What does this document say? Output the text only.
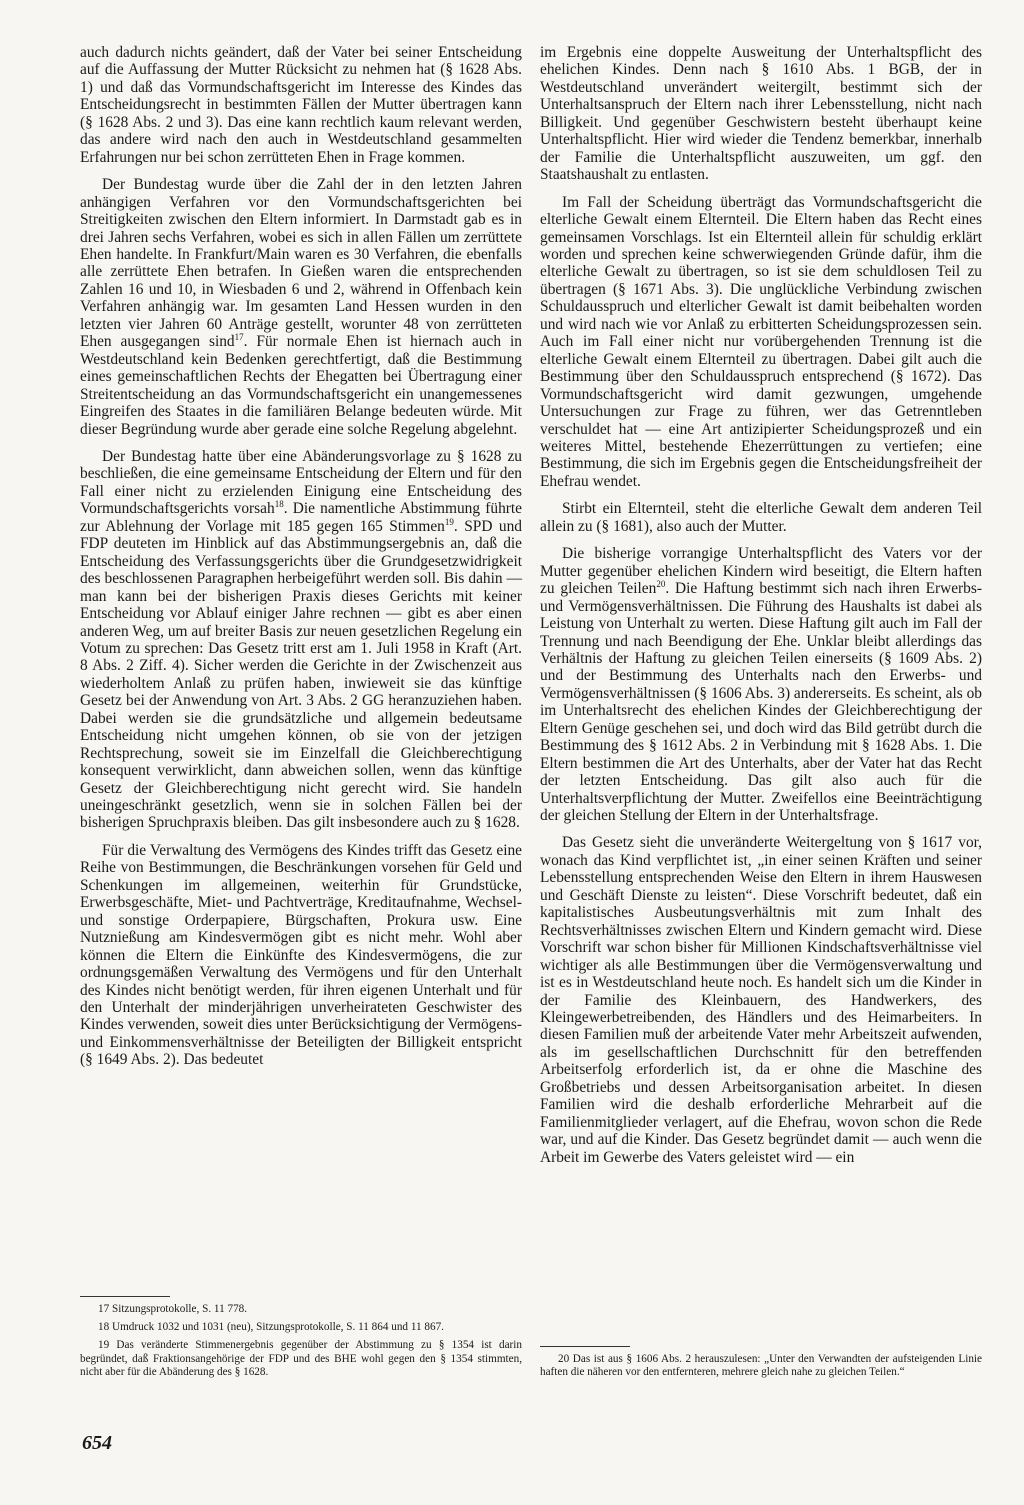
auch dadurch nichts geändert, daß der Vater bei seiner Entscheidung auf die Auffassung der Mutter Rücksicht zu nehmen hat (§ 1628 Abs. 1) und daß das Vormundschaftsgericht im Interesse des Kindes das Entscheidungsrecht in bestimmten Fällen der Mutter übertragen kann (§ 1628 Abs. 2 und 3). Das eine kann rechtlich kaum relevant werden, das andere wird nach den auch in Westdeutschland gesammelten Erfahrungen nur bei schon zerrütteten Ehen in Frage kommen.

Der Bundestag wurde über die Zahl der in den letzten Jahren anhängigen Verfahren vor den Vormundschaftsgerichten bei Streitigkeiten zwischen den Eltern informiert. In Darmstadt gab es in drei Jahren sechs Verfahren, wobei es sich in allen Fällen um zerrüttete Ehen handelte. In Frankfurt/Main waren es 30 Verfahren, die ebenfalls alle zerrüttete Ehen betrafen. In Gießen waren die entsprechenden Zahlen 16 und 10, in Wiesbaden 6 und 2, während in Offenbach kein Verfahren anhängig war. Im gesamten Land Hessen wurden in den letzten vier Jahren 60 Anträge gestellt, worunter 48 von zerrütteten Ehen ausgegangen sind$^{17}$. Für normale Ehen ist hiernach auch in Westdeutschland kein Bedenken gerechtfertigt, daß die Bestimmung eines gemeinschaftlichen Rechts der Ehegatten bei Übertragung einer Streitentscheidung an das Vormundschaftsgericht ein unangemessenes Eingreifen des Staates in die familiären Belange bedeuten würde. Mit dieser Begründung wurde aber gerade eine solche Regelung abgelehnt.

Der Bundestag hatte über eine Abänderungsvorlage zu § 1628 zu beschließen, die eine gemeinsame Entscheidung der Eltern und für den Fall einer nicht zu erzielenden Einigung eine Entscheidung des Vormundschaftsgerichts vorsah$^{18}$. Die namentliche Abstimmung führte zur Ablehnung der Vorlage mit 185 gegen 165 Stimmen$^{19}$. SPD und FDP deuteten im Hinblick auf das Abstimmungsergebnis an, daß die Entscheidung des Verfassungsgerichts über die Grundgesetzwidrigkeit des beschlossenen Paragraphen herbeigeführt werden soll. Bis dahin — man kann bei der bisherigen Praxis dieses Gerichts mit keiner Entscheidung vor Ablauf einiger Jahre rechnen — gibt es aber einen anderen Weg, um auf breiter Basis zur neuen gesetzlichen Regelung ein Votum zu sprechen: Das Gesetz tritt erst am 1. Juli 1958 in Kraft (Art. 8 Abs. 2 Ziff. 4). Sicher werden die Gerichte in der Zwischenzeit aus wiederholtem Anlaß zu prüfen haben, inwieweit sie das künftige Gesetz bei der Anwendung von Art. 3 Abs. 2 GG heranzuziehen haben. Dabei werden sie die grundsätzliche und allgemein bedeutsame Entscheidung nicht umgehen können, ob sie von der jetzigen Rechtsprechung, soweit sie im Einzelfall die Gleichberechtigung konsequent verwirklicht, dann abweichen sollen, wenn das künftige Gesetz der Gleichberechtigung nicht gerecht wird. Sie handeln uneingeschränkt gesetzlich, wenn sie in solchen Fällen bei der bisherigen Spruchpraxis bleiben. Das gilt insbesondere auch zu § 1628.

Für die Verwaltung des Vermögens des Kindes trifft das Gesetz eine Reihe von Bestimmungen, die Beschränkungen vorsehen für Geld und Schenkungen im allgemeinen, weiterhin für Grundstücke, Erwerbsgeschäfte, Miet- und Pachtverträge, Kreditaufnahme, Wechsel- und sonstige Orderpapiere, Bürgschaften, Prokura usw. Eine Nutznießung am Kindesvermögen gibt es nicht mehr. Wohl aber können die Eltern die Einkünfte des Kindesvermögens, die zur ordnungsgemäßen Verwaltung des Vermögens und für den Unterhalt des Kindes nicht benötigt werden, für ihren eigenen Unterhalt und für den Unterhalt der minderjährigen unverheirateten Geschwister des Kindes verwenden, soweit dies unter Berücksichtigung der Vermögens- und Einkommensverhältnisse der Beteiligten der Billigkeit entspricht (§ 1649 Abs. 2). Das bedeutet

im Ergebnis eine doppelte Ausweitung der Unterhaltspflicht des ehelichen Kindes. Denn nach § 1610 Abs. 1 BGB, der in Westdeutschland unverändert weitergilt, bestimmt sich der Unterhaltsanspruch der Eltern nach ihrer Lebensstellung, nicht nach Billigkeit. Und gegenüber Geschwistern besteht überhaupt keine Unterhaltspflicht. Hier wird wieder die Tendenz bemerkbar, innerhalb der Familie die Unterhaltspflicht auszuweiten, um ggf. den Staatshaushalt zu entlasten.

Im Fall der Scheidung überträgt das Vormundschaftsgericht die elterliche Gewalt einem Elternteil. Die Eltern haben das Recht eines gemeinsamen Vorschlags. Ist ein Elternteil allein für schuldig erklärt worden und sprechen keine schwerwiegenden Gründe dafür, ihm die elterliche Gewalt zu übertragen, so ist sie dem schuldlosen Teil zu übertragen (§ 1671 Abs. 3). Die unglückliche Verbindung zwischen Schuldausspruch und elterlicher Gewalt ist damit beibehalten worden und wird nach wie vor Anlaß zu erbitterten Scheidungsprozessen sein. Auch im Fall einer nicht nur vorübergehenden Trennung ist die elterliche Gewalt einem Elternteil zu übertragen. Dabei gilt auch die Bestimmung über den Schuldausspruch entsprechend (§ 1672). Das Vormundschaftsgericht wird damit gezwungen, umgehende Untersuchungen zur Frage zu führen, wer das Getrenntleben verschuldet hat — eine Art antizipierter Scheidungsprozeß und ein weiteres Mittel, bestehende Ehezerrüttungen zu vertiefen; eine Bestimmung, die sich im Ergebnis gegen die Entscheidungsfreiheit der Ehefrau wendet.

Stirbt ein Elternteil, steht die elterliche Gewalt dem anderen Teil allein zu (§ 1681), also auch der Mutter.

Die bisherige vorrangige Unterhaltspflicht des Vaters vor der Mutter gegenüber ehelichen Kindern wird beseitigt, die Eltern haften zu gleichen Teilen$^{20}$. Die Haftung bestimmt sich nach ihren Erwerbs- und Vermögensverhältnissen. Die Führung des Haushalts ist dabei als Leistung von Unterhalt zu werten. Diese Haftung gilt auch im Fall der Trennung und nach Beendigung der Ehe. Unklar bleibt allerdings das Verhältnis der Haftung zu gleichen Teilen einerseits (§ 1609 Abs. 2) und der Bestimmung des Unterhalts nach den Erwerbs- und Vermögensverhältnissen (§ 1606 Abs. 3) andererseits. Es scheint, als ob im Unterhaltsrecht des ehelichen Kindes der Gleichberechtigung der Eltern Genüge geschehen sei, und doch wird das Bild getrübt durch die Bestimmung des § 1612 Abs. 2 in Verbindung mit § 1628 Abs. 1. Die Eltern bestimmen die Art des Unterhalts, aber der Vater hat das Recht der letzten Entscheidung. Das gilt also auch für die Unterhaltsverpflichtung der Mutter. Zweifellos eine Beeinträchtigung der gleichen Stellung der Eltern in der Unterhaltsfrage.

Das Gesetz sieht die unveränderte Weitergeltung von § 1617 vor, wonach das Kind verpflichtet ist, „in einer seinen Kräften und seiner Lebensstellung entsprechenden Weise den Eltern in ihrem Hauswesen und Geschäft Dienste zu leisten“. Diese Vorschrift bedeutet, daß ein kapitalistisches Ausbeutungsverhältnis mit zum Inhalt des Rechtsverhältnisses zwischen Eltern und Kindern gemacht wird. Diese Vorschrift war schon bisher für Millionen Kindschaftsverhältnisse viel wichtiger als alle Bestimmungen über die Vermögensverwaltung und ist es in Westdeutschland heute noch. Es handelt sich um die Kinder in der Familie des Kleinbauern, des Handwerkers, des Kleingewerbetreibenden, des Händlers und des Heimarbeiters. In diesen Familien muß der arbeitende Vater mehr Arbeitszeit aufwenden, als im gesellschaftlichen Durchschnitt für den betreffenden Arbeitserfolg erforderlich ist, da er ohne die Maschine des Großbetriebs und dessen Arbeitsorganisation arbeitet. In diesen Familien wird die deshalb erforderliche Mehrarbeit auf die Familienmitglieder verlagert, auf die Ehefrau, wovon schon die Rede war, und auf die Kinder. Das Gesetz begründet damit — auch wenn die Arbeit im Gewerbe des Vaters geleistet wird — ein

17 Sitzungsprotokolle, S. 11 778.

18 Umdruck 1032 und 1031 (neu), Sitzungsprotokolle, S. 11 864 und 11 867.

19 Das veränderte Stimmenergebnis gegenüber der Abstimmung zu § 1354 ist darin begründet, daß Fraktionsangehörige der FDP und des BHE wohl gegen den § 1354 stimmten, nicht aber für die Abänderung des § 1628.

20 Das ist aus § 1606 Abs. 2 herauszulesen: „Unter den Verwandten der aufsteigenden Linie haften die näheren vor den entfernteren, mehrere gleich nahe zu gleichen Teilen.“

654
